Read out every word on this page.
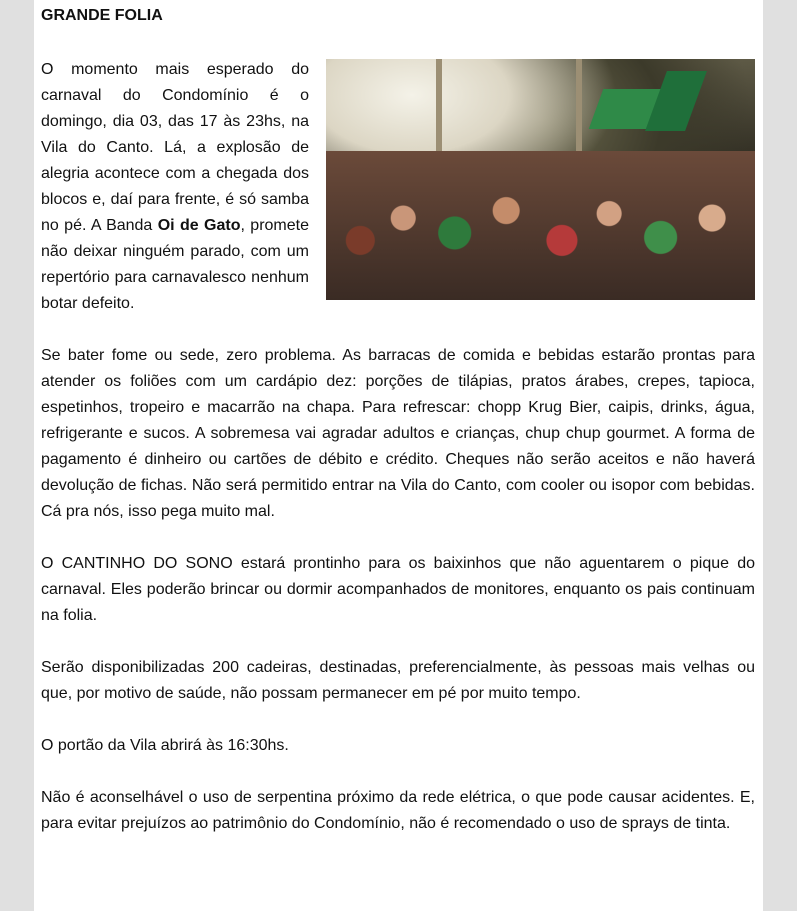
GRANDE FOLIA
O momento mais esperado do carnaval do Condomínio é o domingo, dia 03, das 17 às 23hs, na Vila do Canto. Lá, a explosão de alegria acontece com a chegada dos blocos e, daí para frente, é só samba no pé. A Banda Oi de Gato, promete não deixar ninguém parado, com um repertório para carnavalesco nenhum botar defeito.

Se bater fome ou sede, zero problema. As barracas de comida e bebidas estarão prontas para atender os foliões com um cardápio dez: porções de tilápias, pratos árabes, crepes, tapioca, espetinhos, tropeiro e macarrão na chapa. Para refrescar: chopp Krug Bier, caipis, drinks, água, refrigerante e sucos. A sobremesa vai agradar adultos e crianças, chup chup gourmet. A forma de pagamento é dinheiro ou cartões de débito e crédito. Cheques não serão aceitos e não haverá devolução de fichas. Não será permitido entrar na Vila do Canto, com cooler ou isopor com bebidas. Cá pra nós, isso pega muito mal.

O CANTINHO DO SONO estará prontinho para os baixinhos que não aguentarem o pique do carnaval. Eles poderão brincar ou dormir acompanhados de monitores, enquanto os pais continuam na folia.

Serão disponibilizadas 200 cadeiras, destinadas, preferencialmente, às pessoas mais velhas ou que, por motivo de saúde, não possam permanecer em pé por muito tempo.

O portão da Vila abrirá às 16:30hs.

Não é aconselhável o uso de serpentina próximo da rede elétrica, o que pode causar acidentes. E, para evitar prejuízos ao patrimônio do Condomínio, não é recomendado o uso de sprays de tinta.
